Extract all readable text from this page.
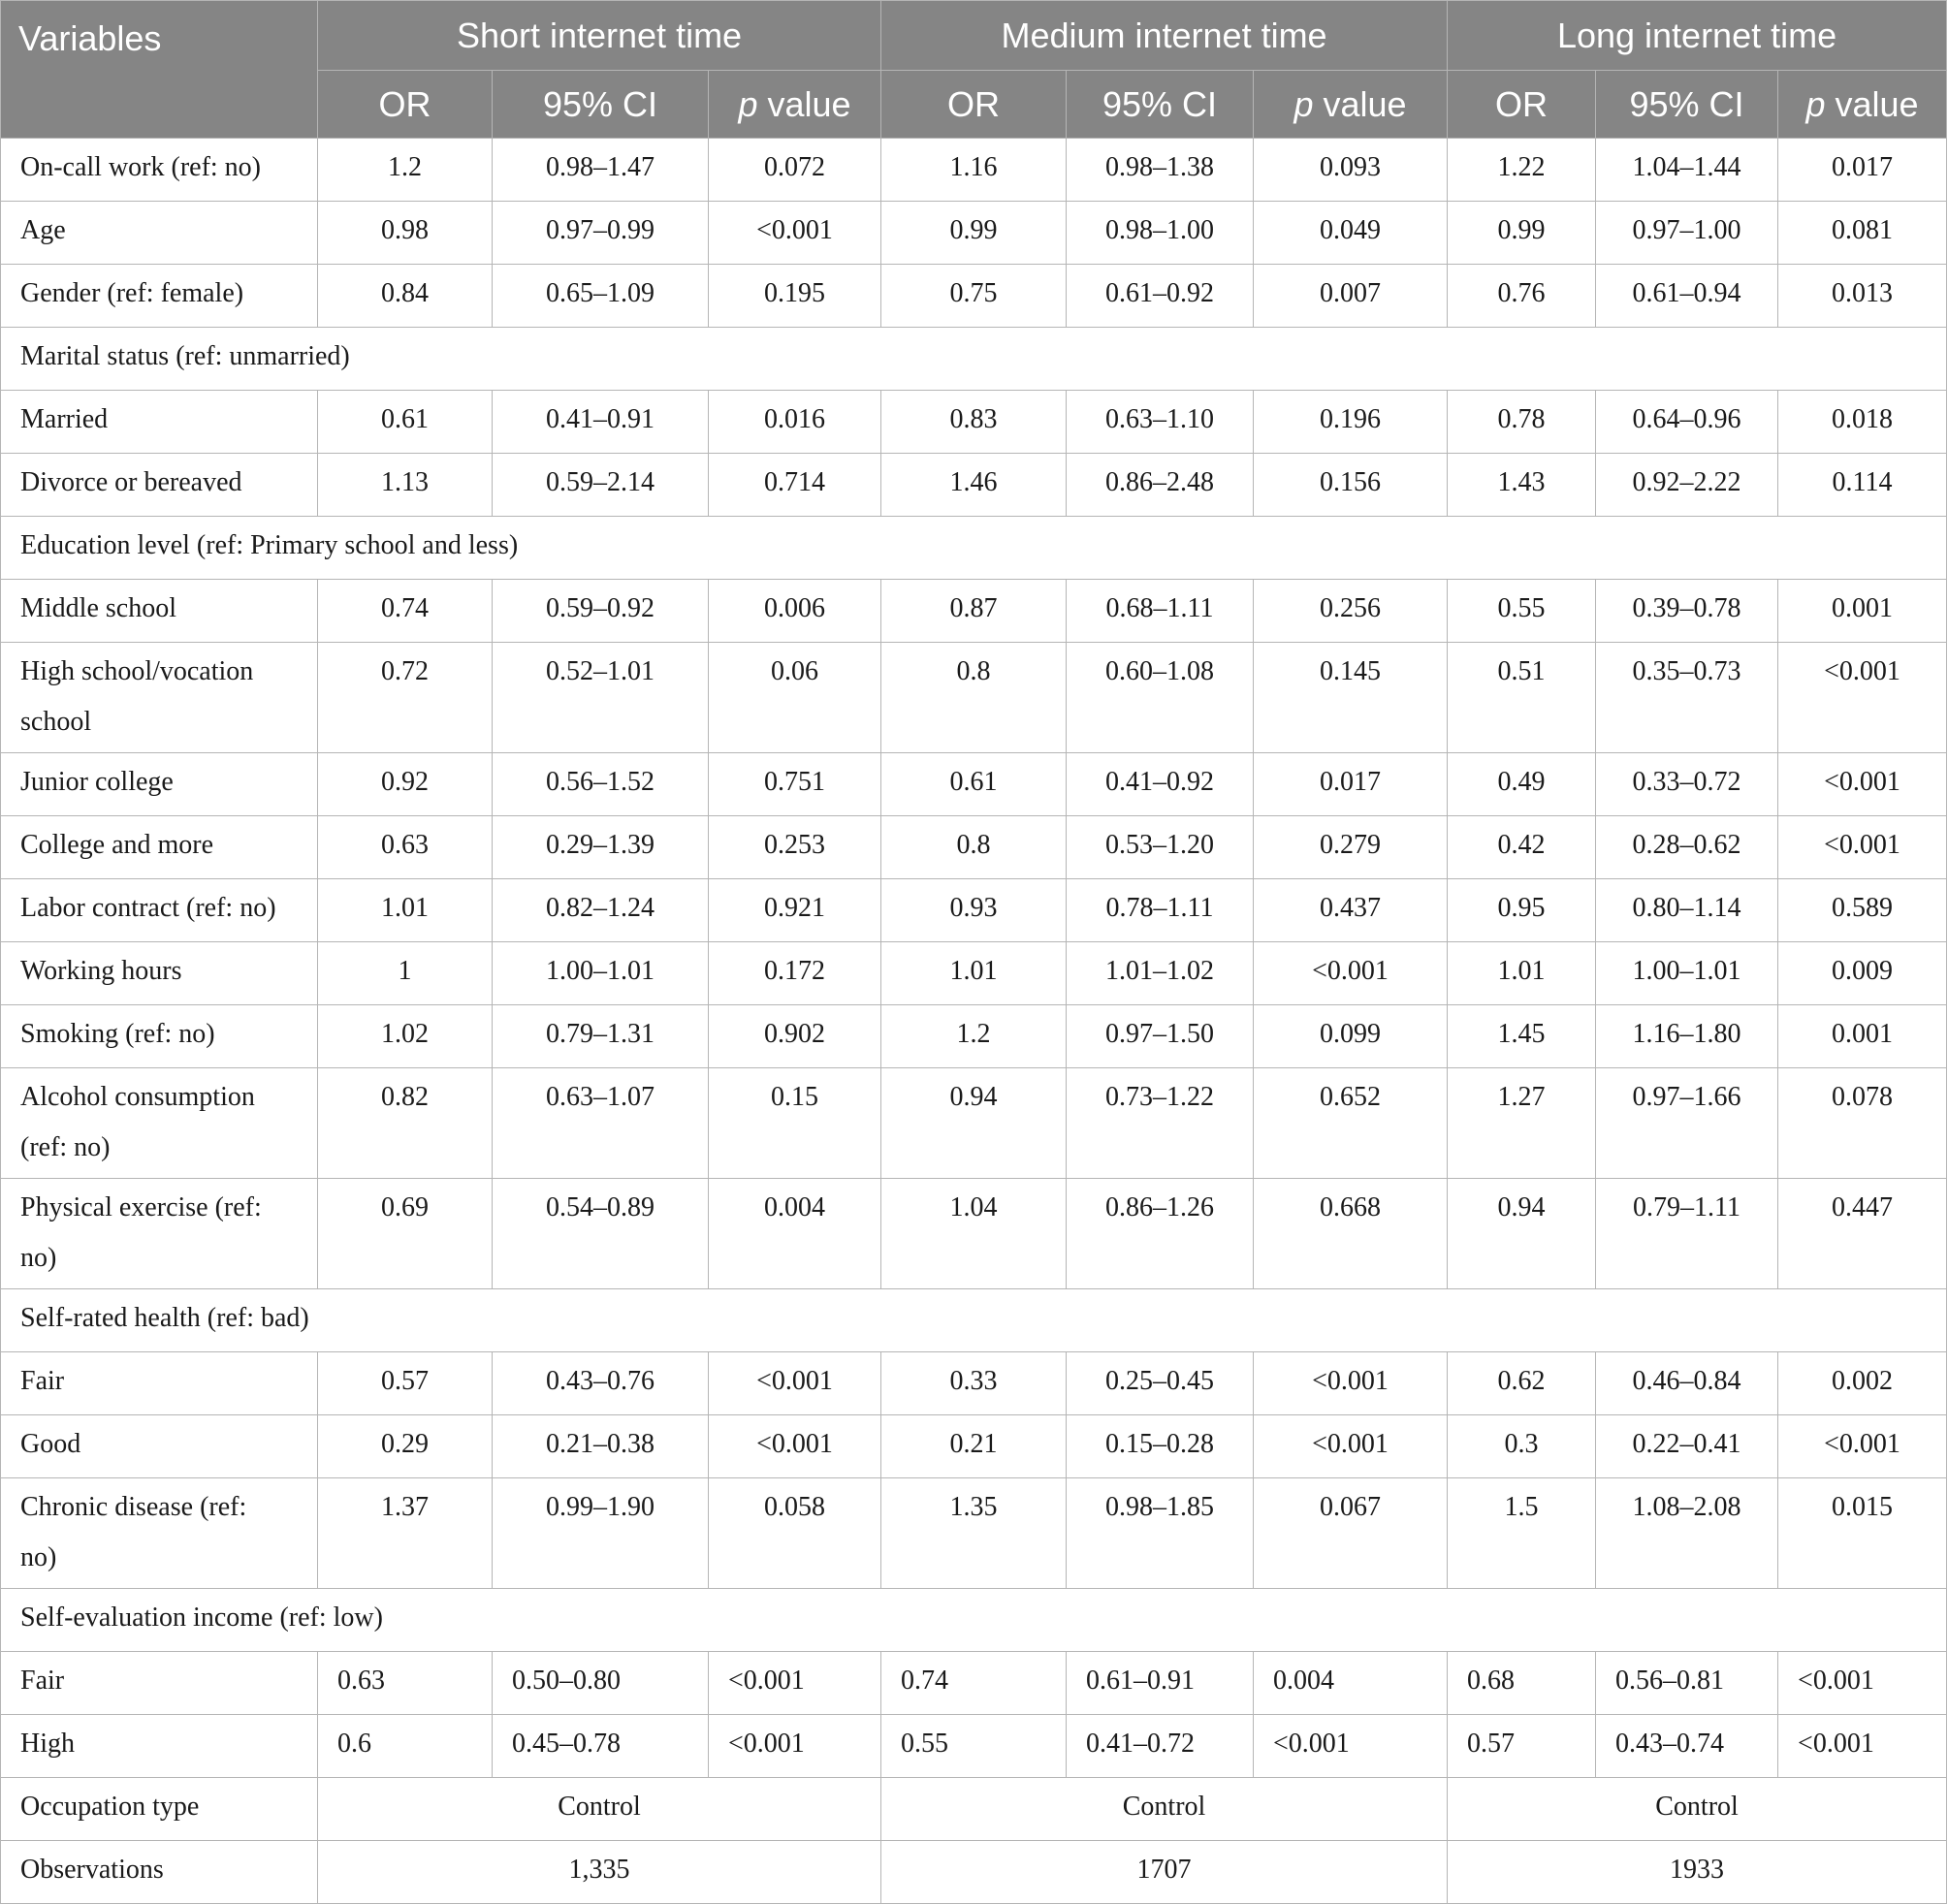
Variables	Short internet time			Medium internet time			Long internet time		
	OR	95% CI	p value	OR	95% CI	p value	OR	95% CI	p value
On-call work (ref: no)	1.2	0.98–1.47	0.072	1.16	0.98–1.38	0.093	1.22	1.04–1.44	0.017
Age	0.98	0.97–0.99	<0.001	0.99	0.98–1.00	0.049	0.99	0.97–1.00	0.081
Gender (ref: female)	0.84	0.65–1.09	0.195	0.75	0.61–0.92	0.007	0.76	0.61–0.94	0.013
Marital status (ref: unmarried)									
Married	0.61	0.41–0.91	0.016	0.83	0.63–1.10	0.196	0.78	0.64–0.96	0.018
Divorce or bereaved	1.13	0.59–2.14	0.714	1.46	0.86–2.48	0.156	1.43	0.92–2.22	0.114
Education level (ref: Primary school and less)									
Middle school	0.74	0.59–0.92	0.006	0.87	0.68–1.11	0.256	0.55	0.39–0.78	0.001

High school/vocation
school	0.72	0.52–1.01	0.06	0.8	0.60–1.08	0.145	0.51	0.35–0.73	<0.001
Junior college	0.92	0.56–1.52	0.751	0.61	0.41–0.92	0.017	0.49	0.33–0.72	<0.001
College and more	0.63	0.29–1.39	0.253	0.8	0.53–1.20	0.279	0.42	0.28–0.62	<0.001
Labor contract (ref: no)	1.01	0.82–1.24	0.921	0.93	0.78–1.11	0.437	0.95	0.80–1.14	0.589
Working hours	1	1.00–1.01	0.172	1.01	1.01–1.02	<0.001	1.01	1.00–1.01	0.009
Smoking (ref: no)	1.02	0.79–1.31	0.902	1.2	0.97–1.50	0.099	1.45	1.16–1.80	0.001

Alcohol consumption
(ref: no)	0.82	0.63–1.07	0.15	0.94	0.73–1.22	0.652	1.27	0.97–1.66	0.078

Physical exercise (ref:
no)	0.69	0.54–0.89	0.004	1.04	0.86–1.26	0.668	0.94	0.79–1.11	0.447
Self-rated health (ref: bad)									
Fair	0.57	0.43–0.76	<0.001	0.33	0.25–0.45	<0.001	0.62	0.46–0.84	0.002
Good	0.29	0.21–0.38	<0.001	0.21	0.15–0.28	<0.001	0.3	0.22–0.41	<0.001

Chronic disease (ref:
no)	1.37	0.99–1.90	0.058	1.35	0.98–1.85	0.067	1.5	1.08–2.08	0.015
Self-evaluation income (ref: low)									
Fair	0.63	0.50–0.80	<0.001	0.74	0.61–0.91	0.004	0.68	0.56–0.81	<0.001
High	0.6	0.45–0.78	<0.001	0.55	0.41–0.72	<0.001	0.57	0.43–0.74	<0.001
Occupation type	Control			Control			Control		
Observations	1,335			1707			1933		
